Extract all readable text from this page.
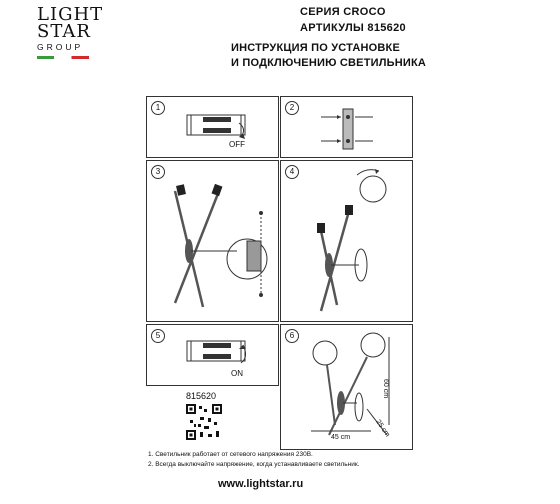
LIGHT
STAR
GROUP
СЕРИЯ CROCO
АРТИКУЛЫ 815620
ИНСТРУКЦИЯ ПО УСТАНОВКЕ
И ПОДКЛЮЧЕНИЮ СВЕТИЛЬНИКА
1
OFF
2
3	4
5
ON
6
60 cm
25 cm
45 cm
815620
1. Светильник работает от сетевого напряжения 230В.
2. Всегда выключайте напряжение, когда устанавливаете светильник.
www.lightstar.ru
